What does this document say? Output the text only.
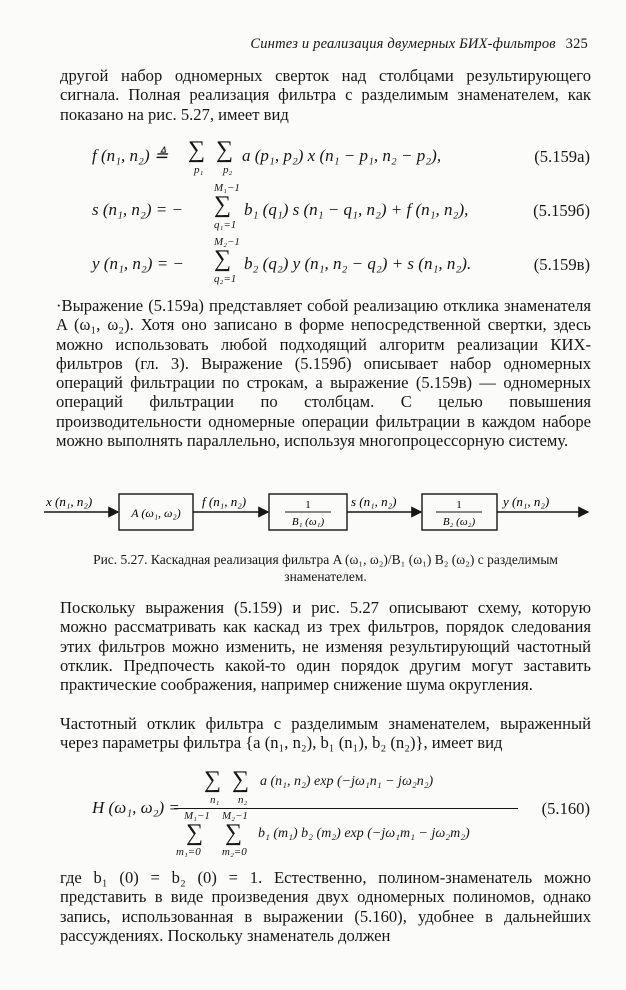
Синтез и реализация двумерных БИХ-фильтров 325
другой набор одномерных сверток над столбцами результирующего сигнала. Полная реализация фильтра с разделимым знаменателем, как показано на рис. 5.27, имеет вид
f (n₁, n₂) ≜ ∑
p₁
∑
p₂
a (p₁, p₂) x (n₁ − p₁, n₂ − p₂),	(5.159а)
M₁−1
s (n₁, n₂) = − ∑
q₁=1
b₁ (q₁) s (n₁ − q₁, n₂) + f (n₁, n₂),	(5.159б)
M₂−1
y (n₁, n₂) = − ∑
q₂=1
b₂ (q₂) y (n₁, n₂ − q₂) + s (n₁, n₂).	(5.159в)
·Выражение (5.159а) представляет собой реализацию отклика знаменателя A (ω₁, ω₂). Хотя оно записано в форме непосредственной свертки, здесь можно использовать любой подходящий алгоритм реализации КИХ-фильтров (гл. 3). Выражение (5.159б) описывает набор одномерных операций фильтрации по строкам, а выражение (5.159в) — одномерных операций фильтрации по столбцам. С целью повышения производительности одномерные операции фильтрации в каждом наборе можно выполнять параллельно, используя многопроцессорную систему.
x (n₁, n₂)
A (ω₁, ω₂)
f (n₁, n₂)	1
B₁ (ω₁)
s (n₁, n₂)	1
B₂ (ω₂)
y (n₁, n₂)
Рис. 5.27. Каскадная реализация фильтра A (ω₁, ω₂)/B₁ (ω₁) B₂ (ω₂) с разделимым знаменателем.
Поскольку выражения (5.159) и рис. 5.27 описывают схему, которую можно рассматривать как каскад из трех фильтров, порядок следования этих фильтров можно изменить, не изменяя результирующий частотный отклик. Предпочесть какой-то один порядок другим могут заставить практические соображения, например снижение шума округления.
Частотный отклик фильтра с разделимым знаменателем, выраженный через параметры фильтра {a (n₁, n₂), b₁ (n₁), b₂ (n₂)}, имеет вид
H (ω₁, ω₂) =
∑
n₁
∑
n₂
a (n₁, n₂) exp (−jω₁n₁ − jω₂n₂)
M₁−1 M₂−1
∑ ∑
m₁=0 m₂=0
b₁ (m₁) b₂ (m₂) exp (−jω₁m₁ − jω₂m₂)
(5.160)
где b₁ (0) = b₂ (0) = 1. Естественно, полином-знаменатель можно представить в виде произведения двух одномерных полиномов, однако запись, использованная в выражении (5.160), удобнее в дальнейших рассуждениях. Поскольку знаменатель должен
